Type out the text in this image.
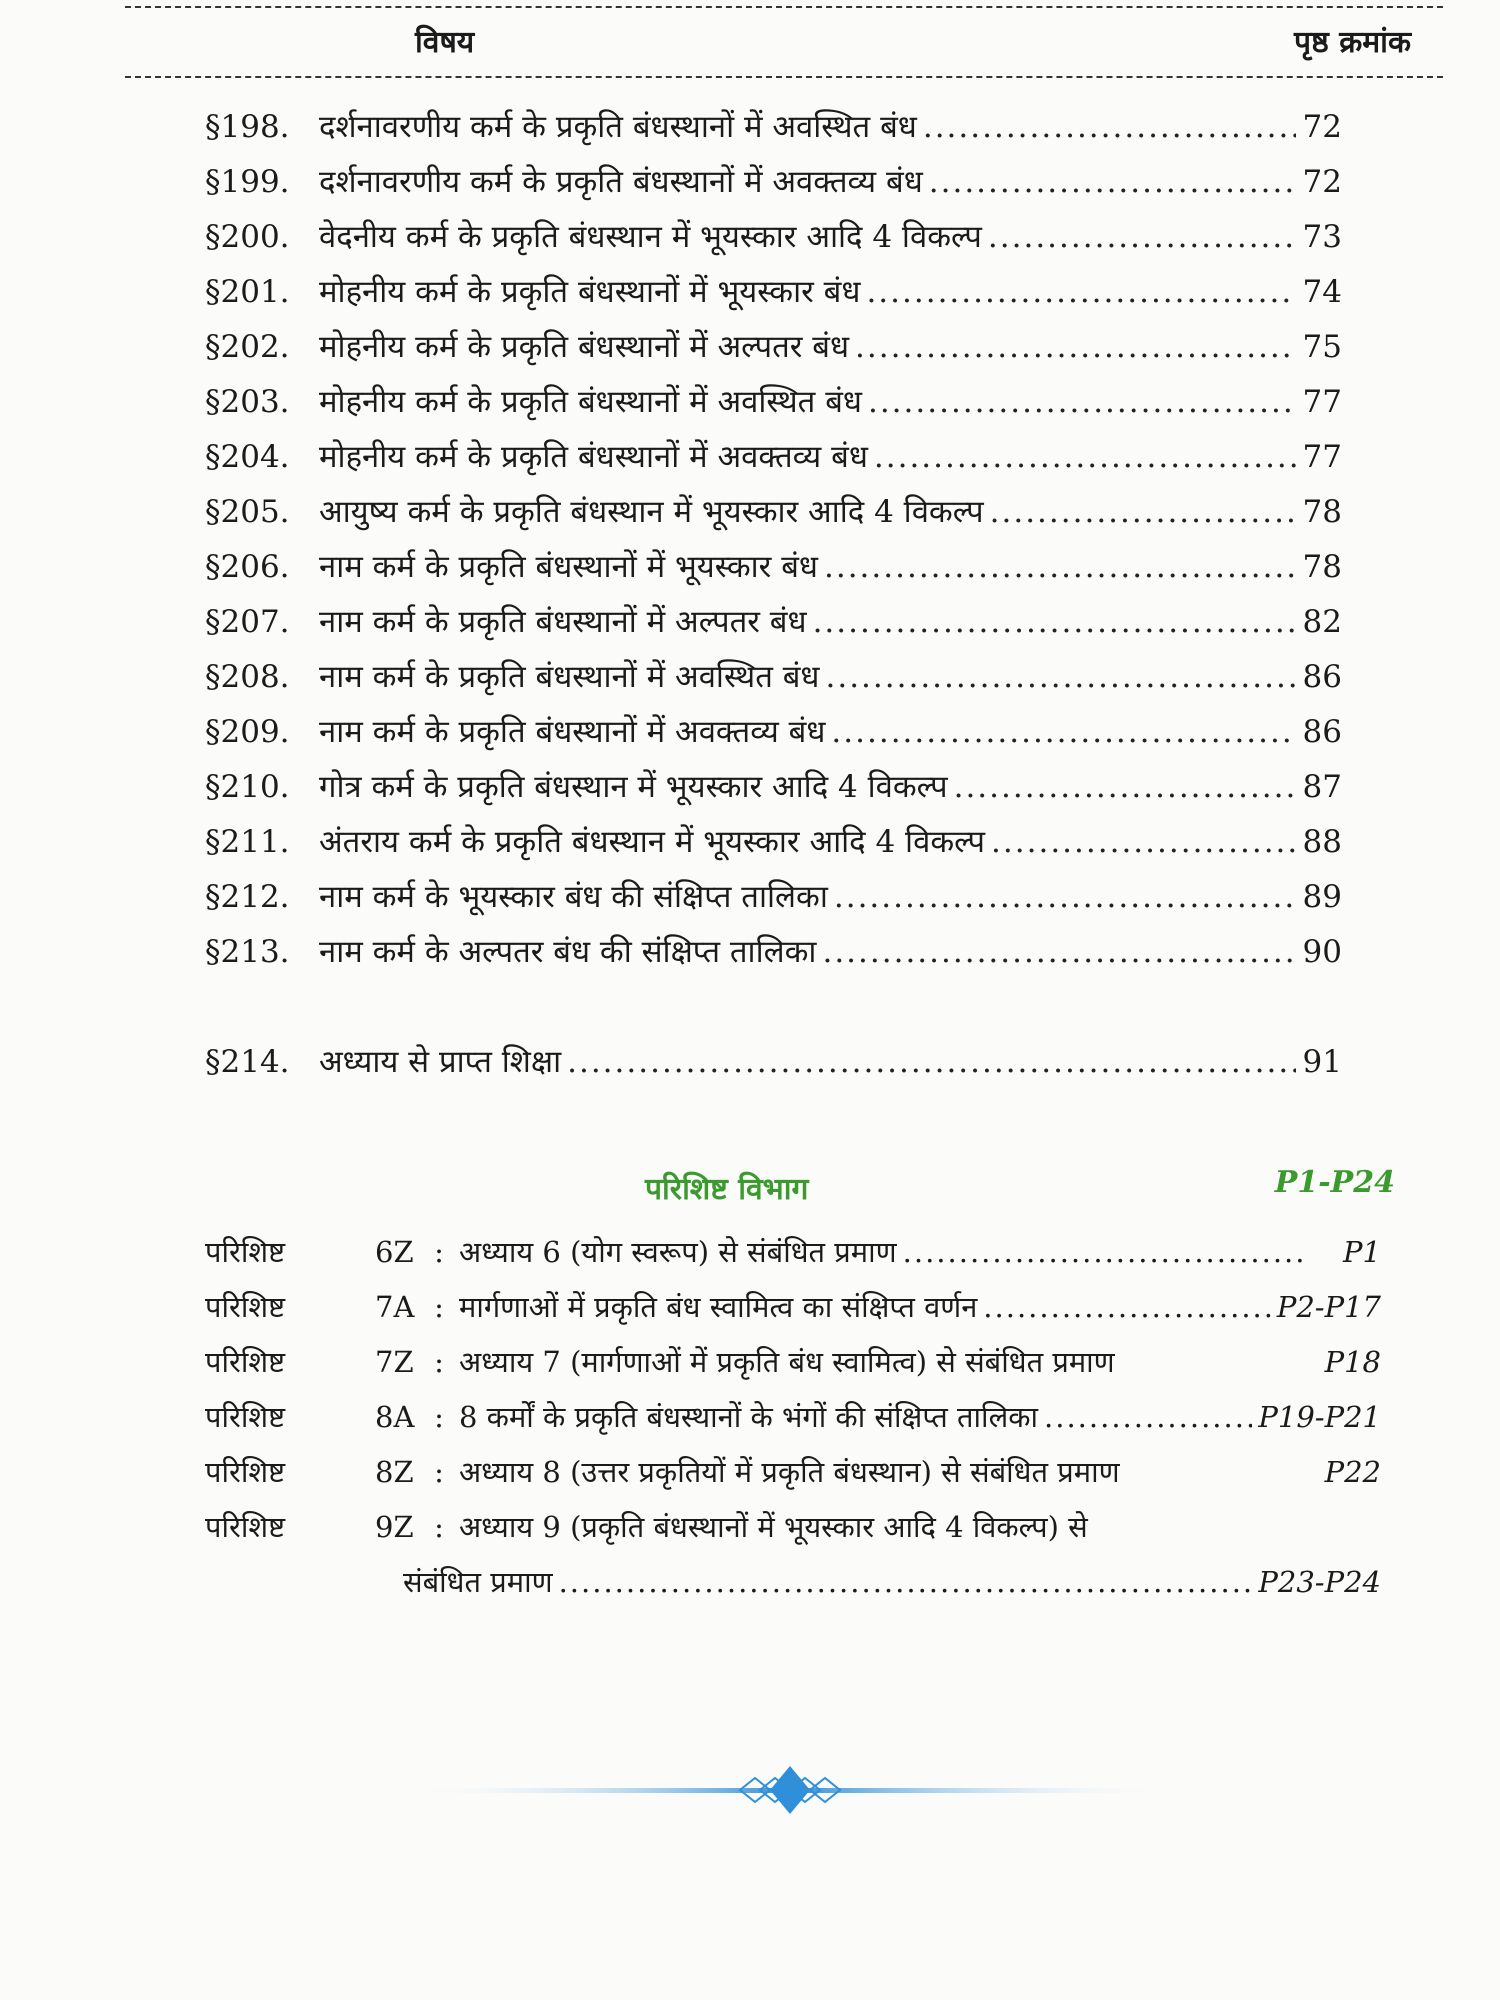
विषय	पृष्ठ क्रमांक
§198. दर्शनावरणीय कर्म के प्रकृति बंधस्थानों में अवस्थित बंध .....	72
§199. दर्शनावरणीय कर्म के प्रकृति बंधस्थानों में अवक्तव्य बंध .....	72
§200. वेदनीय कर्म के प्रकृति बंधस्थान में भूयस्कार आदि 4 विकल्प .....	73
§201. मोहनीय कर्म के प्रकृति बंधस्थानों में भूयस्कार बंध .....	74
§202. मोहनीय कर्म के प्रकृति बंधस्थानों में अल्पतर बंध .....	75
§203. मोहनीय कर्म के प्रकृति बंधस्थानों में अवस्थित बंध .....	77
§204. मोहनीय कर्म के प्रकृति बंधस्थानों में अवक्तव्य बंध .....	77
§205. आयुष्य कर्म के प्रकृति बंधस्थान में भूयस्कार आदि 4 विकल्प .....	78
§206. नाम कर्म के प्रकृति बंधस्थानों में भूयस्कार बंध .....	78
§207. नाम कर्म के प्रकृति बंधस्थानों में अल्पतर बंध .....	82
§208. नाम कर्म के प्रकृति बंधस्थानों में अवस्थित बंध .....	86
§209. नाम कर्म के प्रकृति बंधस्थानों में अवक्तव्य बंध .....	86
§210. गोत्र कर्म के प्रकृति बंधस्थान में भूयस्कार आदि 4 विकल्प .....	87
§211. अंतराय कर्म के प्रकृति बंधस्थान में भूयस्कार आदि 4 विकल्प .....	88
§212. नाम कर्म के भूयस्कार बंध की संक्षिप्त तालिका .....	89
§213. नाम कर्म के अल्पतर बंध की संक्षिप्त तालिका .....	90
§214. अध्याय से प्राप्त शिक्षा .....	91
परिशिष्ट विभाग	P1-P24
परिशिष्ट	6Z : अध्याय 6 (योग स्वरूप) से संबंधित प्रमाण .....	P1
परिशिष्ट	7A : मार्गणाओं में प्रकृति बंध स्वामित्व का संक्षिप्त वर्णन .....	P2-P17
परिशिष्ट	7Z : अध्याय 7 (मार्गणाओं में प्रकृति बंध स्वामित्व) से संबंधित प्रमाण	P18
परिशिष्ट	8A : 8 कर्मों के प्रकृति बंधस्थानों के भंगों की संक्षिप्त तालिका .....	P19-P21
परिशिष्ट	8Z : अध्याय 8 (उत्तर प्रकृतियों में प्रकृति बंधस्थान) से संबंधित प्रमाण	P22
परिशिष्ट	9Z : अध्याय 9 (प्रकृति बंधस्थानों में भूयस्कार आदि 4 विकल्प) से
संबंधित प्रमाण .....	P23-P24
